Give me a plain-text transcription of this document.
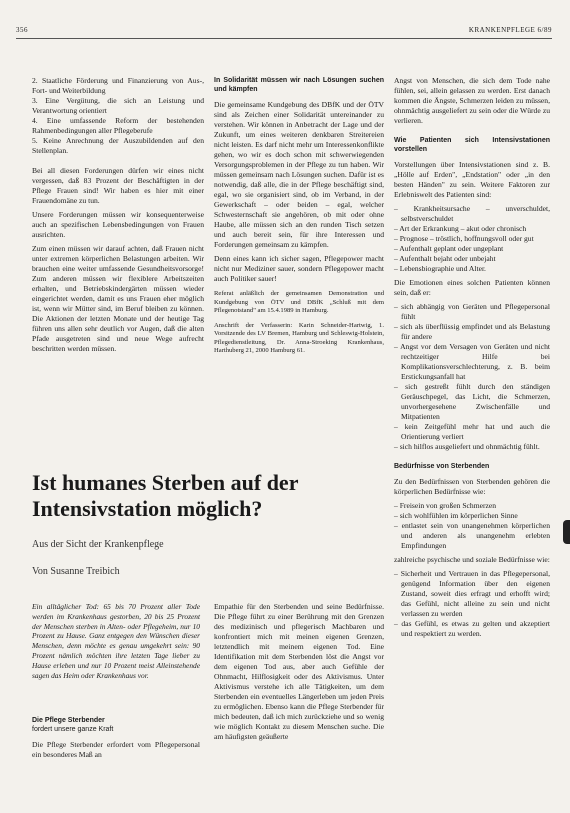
356	KRANKENPFLEGE 6/89
2. Staatliche Förderung und Finanzierung von Aus-, Fort- und Weiterbildung
3. Eine Vergütung, die sich an Leistung und Verantwortung orientiert
4. Eine umfassende Reform der bestehenden Rahmenbedingungen aller Pflegeberufe
5. Keine Anrechnung der Auszubildenden auf den Stellenplan.

Bei all diesen Forderungen dürfen wir eines nicht vergessen, daß 83 Prozent der Beschäftigten in der Pflege Frauen sind! Wir haben es hier mit einer Frauendomäne zu tun.

Unsere Forderungen müssen wir konsequenterweise auch an spezifischen Lebensbedingungen von Frauen ausrichten.

Zum einen müssen wir darauf achten, daß Frauen nicht unter extremen körperlichen Belastungen arbeiten. Wir brauchen eine weiter umfassende Gesundheitsvorsorge! Zum anderen müssen wir flexiblere Arbeitszeiten erhalten, und Betriebskindergärten müssen wieder eingerichtet werden, damit es uns Frauen eher möglich ist, wenn wir Mütter sind, im Beruf bleiben zu können. Die Aktionen der letzten Monate und der heutige Tag führen uns allen sehr deutlich vor Augen, daß die alten Pfade ausgetreten sind und neue Wege aufrecht beschritten werden müssen.

In Solidarität müssen wir nach Lösungen suchen und kämpfen

Die gemeinsame Kundgebung des DBfK und der ÖTV sind als Zeichen einer Solidarität untereinander zu verstehen. Wir können in Anbetracht der Lage und der Zukunft, um eines weiteren denkbaren Streitereien nicht leisten. Es darf nicht mehr um Interessenkonflikte gehen, wo wir es doch schon mit schwerwiegenden Versorgungsproblemen in der Pflege zu tun haben. Wir müssen gemeinsam nach Lösungen suchen. Dafür ist es notwendig, daß alle, die in der Pflege beschäftigt sind, egal, wo sie organisiert sind, ob im Verband, in der Gewerkschaft – oder beiden – egal, welcher Schwesternschaft sie angehören, ob mit oder ohne Haube, alle müssen sich an den runden Tisch setzen und auch bereit sein, für ihre Interessen und Forderungen gemeinsam zu kämpfen.

Denn eines kann ich sicher sagen, Pflegepower macht nicht nur Mediziner sauer, sondern Pflegepower macht auch Politiker sauer!

Referat anläßlich der gemeinsamen Demonstration und Kundgebung von ÖTV und DBfK „Schluß mit dem Pflegenotstand" am 15.4.1989 in Hamburg.

Anschrift der Verfasserin: Karin Schneider-Hartwig, 1. Vorsitzende des LV Bremen, Hamburg und Schleswig-Holstein, Pflegedienstleitung, Dr. Anna-Stroeking Krankenhaus, Harthuberg 21, 2000 Hamburg 61.

Angst von Menschen, die sich dem Tode nahe fühlen, sei, allein gelassen zu werden. Erst danach kommen die Ängste, Schmerzen leiden zu müssen, ohnmächtig ausgeliefert zu sein oder die Würde zu verlieren.

Wie Patienten sich Intensivstationen vorstellen

Vorstellungen über Intensivstationen sind z. B. „Hölle auf Erden", „Endstation" oder „in den besten Händen" zu sein. Weitere Faktoren zur Erlebniswelt des Patienten sind:

– Krankheitsursache – unverschuldet, selbstverschuldet
– Art der Erkrankung – akut oder chronisch
– Prognose – tröstlich, hoffnungsvoll oder gut
– Aufenthalt geplant oder ungeplant
– Aufenthalt bejaht oder unbejaht
– Lebensbiographie und Alter.

Die Emotionen eines solchen Patienten können sein, daß er:

– sich abhängig von Geräten und Pflegepersonal fühlt
– sich als überflüssig empfindet und als Belastung für andere
– Angst vor dem Versagen von Geräten und nicht rechtzeitiger Hilfe bei Komplikationsverschlechterung, z. B. beim Erstickungsanfall hat
– sich gestreßt fühlt durch den ständigen Geräuschpegel, das Licht, die Schmerzen, unvorhergesehene Zwischenfälle und Mitpatienten
– kein Zeitgefühl mehr hat und auch die Orientierung verliert
– sich hilflos ausgeliefert und ohnmächtig fühlt.
Bedürfnisse von Sterbenden

Zu den Bedürfnissen von Sterbenden gehören die körperlichen Bedürfnisse wie:

– Freisein von großen Schmerzen
– sich wohlfühlen im körperlichen Sinne
– entlastet sein von unangenehmen körperlichen und anderen als unangenehm erlebten Empfindungen

zahlreiche psychische und soziale Bedürfnisse wie:

– Sicherheit und Vertrauen in das Pflegepersonal, genügend Information über den eigenen Zustand, soweit dies erfragt und erhofft wird; das Gefühl, nicht alleine zu sein und nicht verlassen zu werden
– das Gefühl, es etwas zu gelten und akzeptiert und respektiert zu werden.
Ist humanes Sterben auf der Intensivstation möglich?
Aus der Sicht der Krankenpflege
Von Susanne Treibich
Ein alltäglicher Tod: 65 bis 70 Prozent aller Tode werden im Krankenhaus gestorben, 20 bis 25 Prozent der Menschen sterben in Alten- oder Pflegeheim, nur 10 Prozent zu Hause. Ganz entgegen den Wünschen dieser Menschen, denn möchte es genau umgekehrt sein: 90 Prozent nämlich möchten ihre letzten Tage lieber zu Hause erleben und nur 10 Prozent meist Alleinstehende sagen das Heim oder Krankenhaus vor.
Die Pflege Sterbender
fordert unsere ganze Kraft

Die Pflege Sterbender erfordert vom Pflegepersonal ein besonderes Maß an

Empathie für den Sterbenden und seine Bedürfnisse. Die Pflege führt zu einer Berührung mit den Grenzen des medizinisch und pflegerisch Machbaren und konfrontiert mich mit meinen eigenen Grenzen, letztendlich mit meinem eigenen Tod. Eine Identifikation mit dem Sterbenden löst die Angst vor dem eigenen Tod aus, aber auch Gefühle der Ohnmacht, Hilflosigkeit oder des Aktivismus. Unter Aktivismus verstehe ich alle Tätigkeiten, um dem Sterbenden ein eventuelles Längerleben um jeden Preis zu ermöglichen. Ebenso kann die Pflege Sterbender für mich bedeuten, daß ich mich zurückziehe und so wenig wie möglich Kontakt zu diesem Menschen suche. Die am häufigsten geäußerte
